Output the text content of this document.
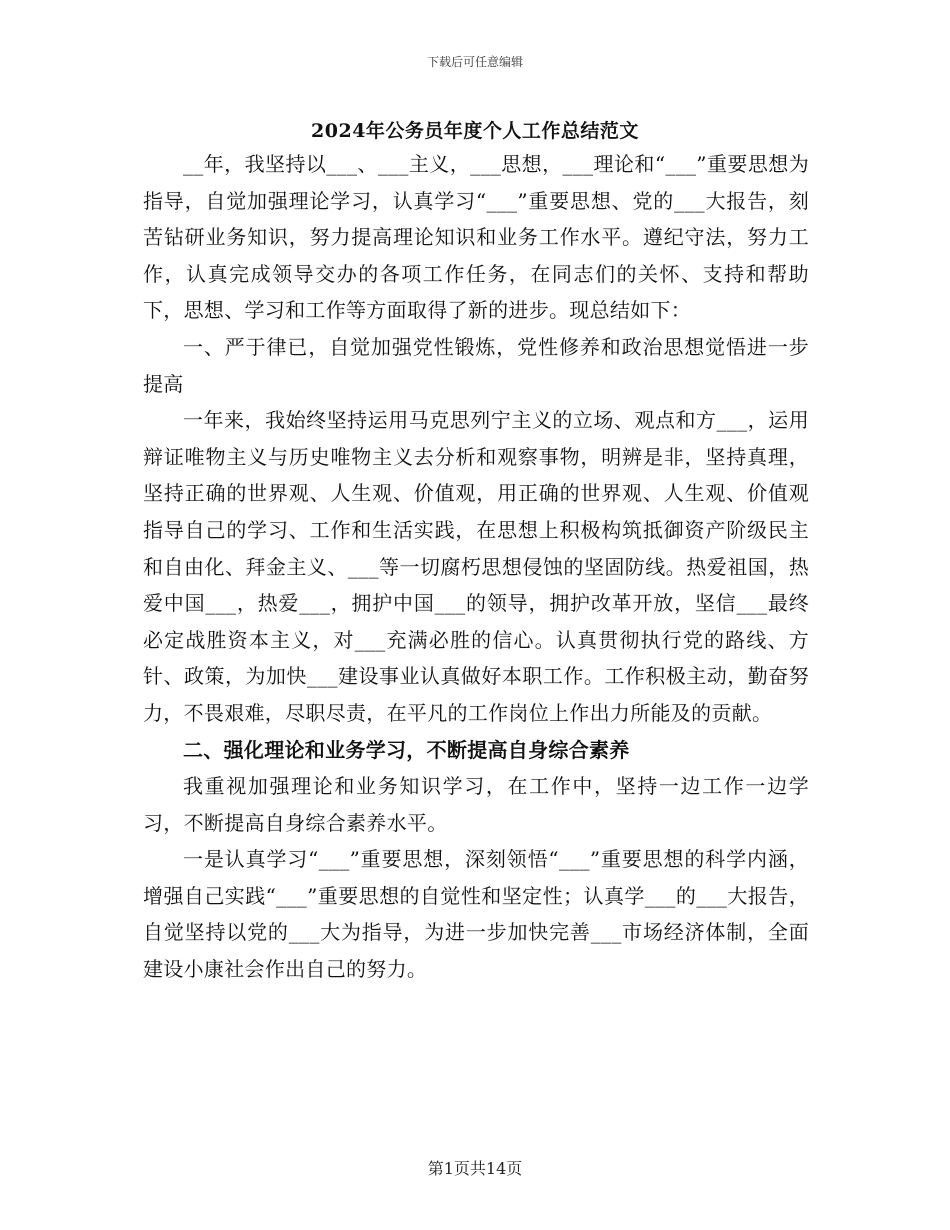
下载后可任意编辑
2024年公务员年度个人工作总结范文

__年，我坚持以___、___主义，___思想，___理论和“___”重要思想为指导，自觉加强理论学习，认真学习“___”重要思想、党的___大报告，刻苦钻研业务知识，努力提高理论知识和业务工作水平。遵纪守法，努力工作，认真完成领导交办的各项工作任务，在同志们的关怀、支持和帮助下，思想、学习和工作等方面取得了新的进步。现总结如下：

一、严于律已，自觉加强党性锻炼，党性修养和政治思想觉悟进一步提高

一年来，我始终坚持运用马克思列宁主义的立场、观点和方___，运用辩证唯物主义与历史唯物主义去分析和观察事物，明辨是非，坚持真理，坚持正确的世界观、人生观、价值观，用正确的世界观、人生观、价值观指导自己的学习、工作和生活实践，在思想上积极构筑抵御资产阶级民主和自由化、拜金主义、___等一切腐朽思想侵蚀的坚固防线。热爱祖国，热爱中国___，热爱___，拥护中国___的领导，拥护改革开放，坚信___最终必定战胜资本主义，对___充满必胜的信心。认真贯彻执行党的路线、方针、政策，为加快___建设事业认真做好本职工作。工作积极主动，勤奋努力，不畏艰难，尽职尽责，在平凡的工作岗位上作出力所能及的贡献。

二、强化理论和业务学习，不断提高自身综合素养

我重视加强理论和业务知识学习，在工作中，坚持一边工作一边学习，不断提高自身综合素养水平。

一是认真学习“___”重要思想，深刻领悟“___”重要思想的科学内涵，增强自己实践“___”重要思想的自觉性和坚定性；认真学___的___大报告，自觉坚持以党的___大为指导，为进一步加快完善___市场经济体制，全面建设小康社会作出自己的努力。

第1页共14页
